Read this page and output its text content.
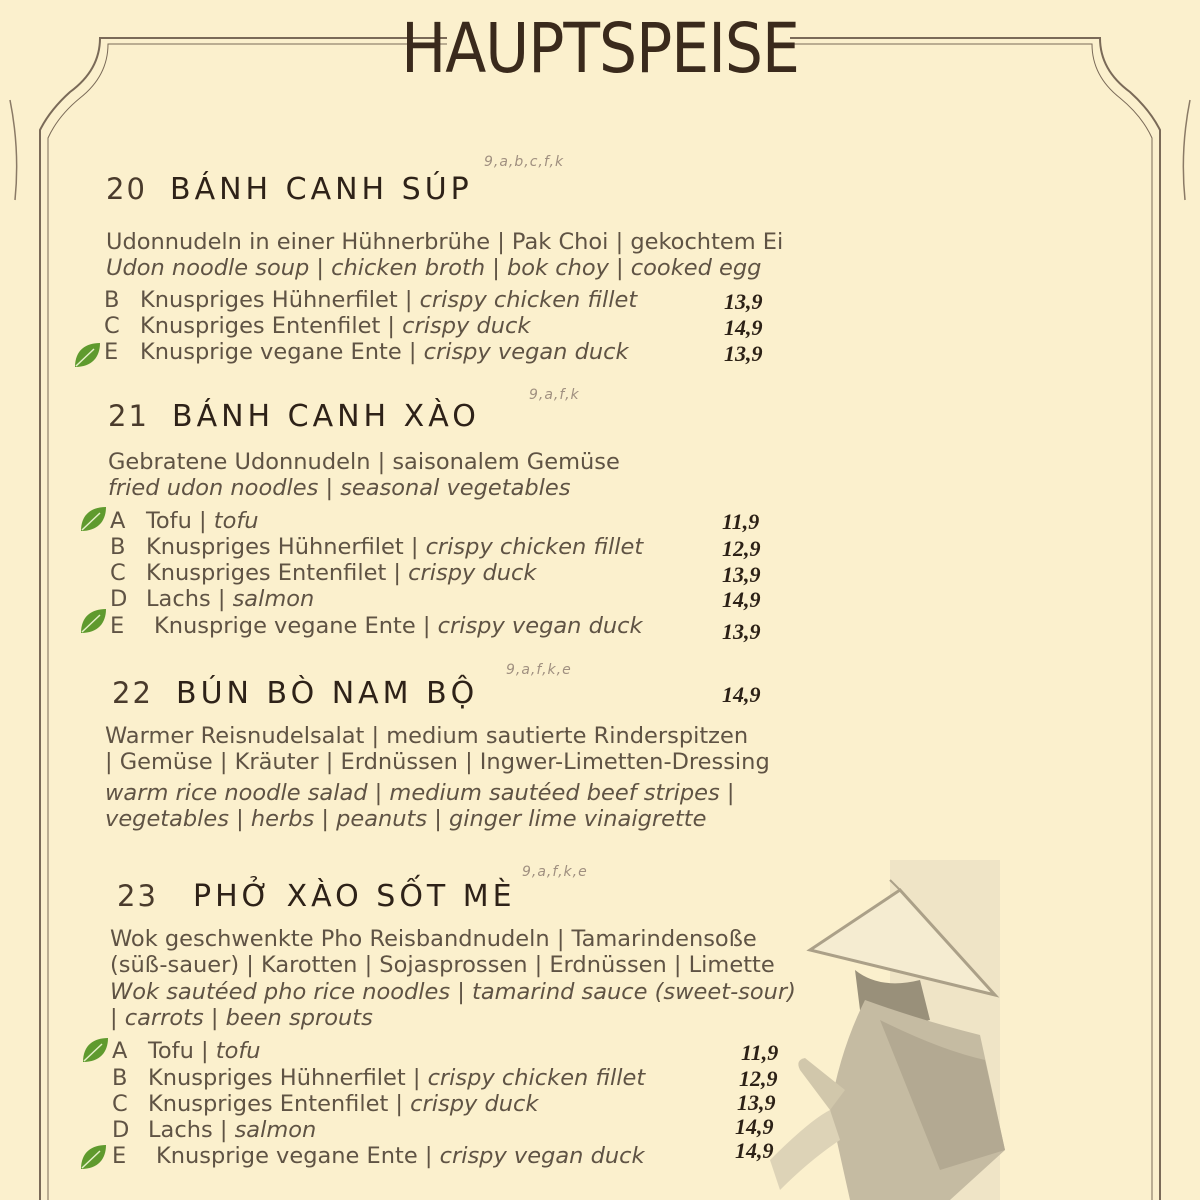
HAUPTSPEISE
9,a,b,c,f,k
20 BÁNH CANH SÚP
Udonnudeln in einer Hühnerbrühe | Pak Choi | gekochtem Ei
Udon noodle soup | chicken broth | bok choy | cooked egg
B Knuspriges Hühnerfilet | crispy chicken fillet	13,9
C Knuspriges Entenfilet | crispy duck	14,9
E Knusprige vegane Ente | crispy vegan duck	13,9
9,a,f,k
21 BÁNH CANH XÀO
Gebratene Udonnudeln | saisonalem Gemüse
fried udon noodles | seasonal vegetables
A Tofu | tofu	11,9
B Knuspriges Hühnerfilet | crispy chicken fillet	12,9
C Knuspriges Entenfilet | crispy duck	13,9
D Lachs | salmon	14,9
E Knusprige vegane Ente | crispy vegan duck	13,9
9,a,f,k,e
22 BÚN BÒ NAM BỘ	14,9
Warmer Reisnudelsalat | medium sautierte Rinderspitzen
| Gemüse | Kräuter | Erdnüssen | Ingwer-Limetten-Dressing
warm rice noodle salad | medium sautéed beef stripes |
vegetables | herbs | peanuts | ginger lime vinaigrette
9,a,f,k,e
23 PHỞ XÀO SỐT MÈ
Wok geschwenkte Pho Reisbandnudeln | Tamarindensoße
(süß-sauer) | Karotten | Sojasprossen | Erdnüssen | Limette
Wok sautéed pho rice noodles | tamarind sauce (sweet-sour)
| carrots | been sprouts
A Tofu | tofu	11,9
B Knuspriges Hühnerfilet | crispy chicken fillet	12,9
C Knuspriges Entenfilet | crispy duck	13,9
D Lachs | salmon	14,9
E Knusprige vegane Ente | crispy vegan duck	14,9
